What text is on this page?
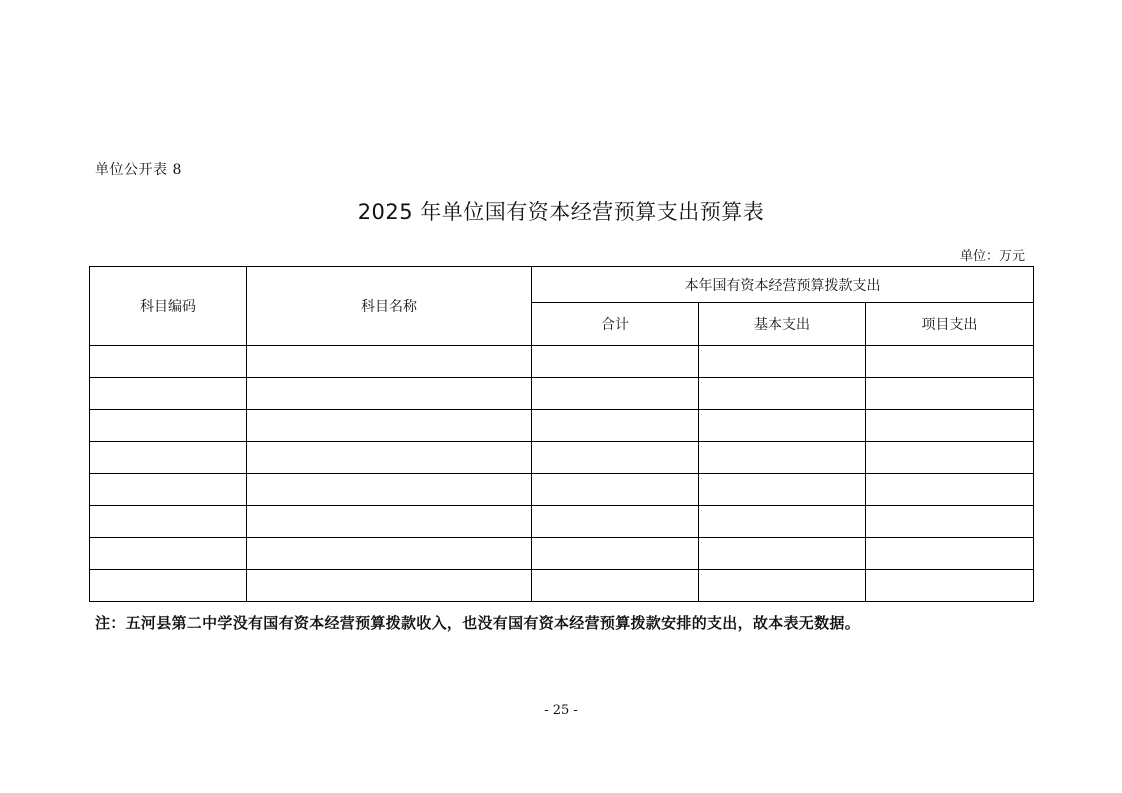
单位公开表 8
2025 年单位国有资本经营预算支出预算表
单位：万元
科目编码	科目名称	本年国有资本经营预算拨款支出		
		合计	基本支出	项目支出

注：五河县第二中学没有国有资本经营预算拨款收入，也没有国有资本经营预算拨款安排的支出，故本表无数据。
- 25 -
